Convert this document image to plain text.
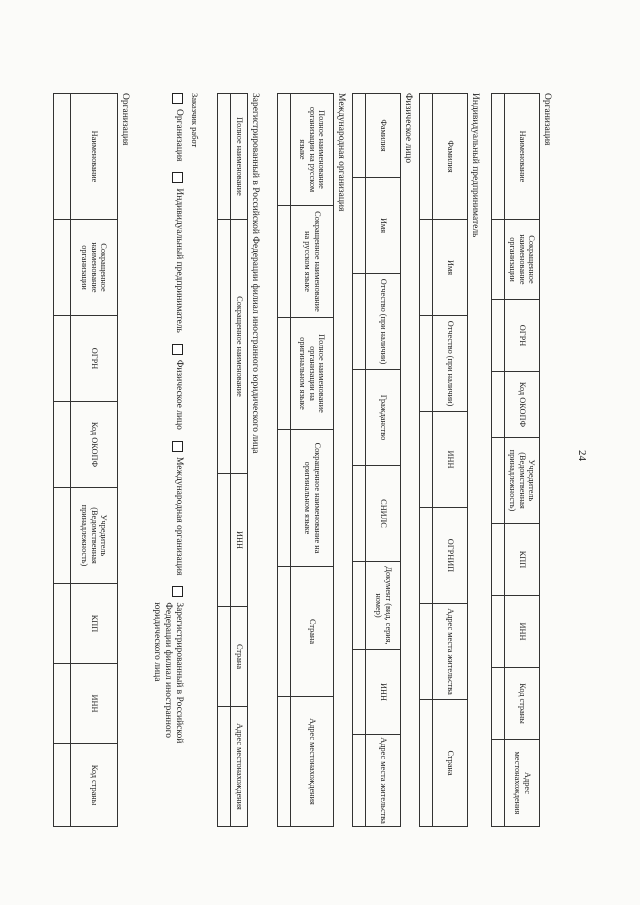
24
Организация
Наименование	Сокращенное наименование организации	ОГРН	Код ОКОПФ	Учредитель (Ведомственная принадлежность)	КПП	ИНН	Код страны	Адрес местонахождения

Индивидуальный предприниматель
Фамилия	Имя	Отчество (при наличии)	ИНН	ОГРНИП	Адрес места жительства	Страна

Физическое лицо
Фамилия	Имя	Отчество (при наличии)	Гражданство	СНИЛС	Документ (вид, серия, номер)	ИНН	Адрес места жительства

Международная организация
Полное наименование организации на русском языке	Сокращенное наименование на русском языке	Полное наименование организации на оригинальном языке	Сокращенное наименование на оригинальном языке	Страна	Адрес местонахождения

Зарегистрированный в Российской Федерации филиал иностранного юридического лица
Полное наименование	Сокращенное наименование	ИНН	Страна	Адрес местонахождения

Заказчик работ
Организация
Индивидуальный предприниматель
Физическое лицо
Международная организация
Зарегистрированный в Российской Федерации филиал иностранного юридического лица
Организация
Наименование	Сокращенное наименование организации	ОГРН	Код ОКОПФ	Учредитель (Ведомственная принадлежность)	КПП	ИНН	Код страны
